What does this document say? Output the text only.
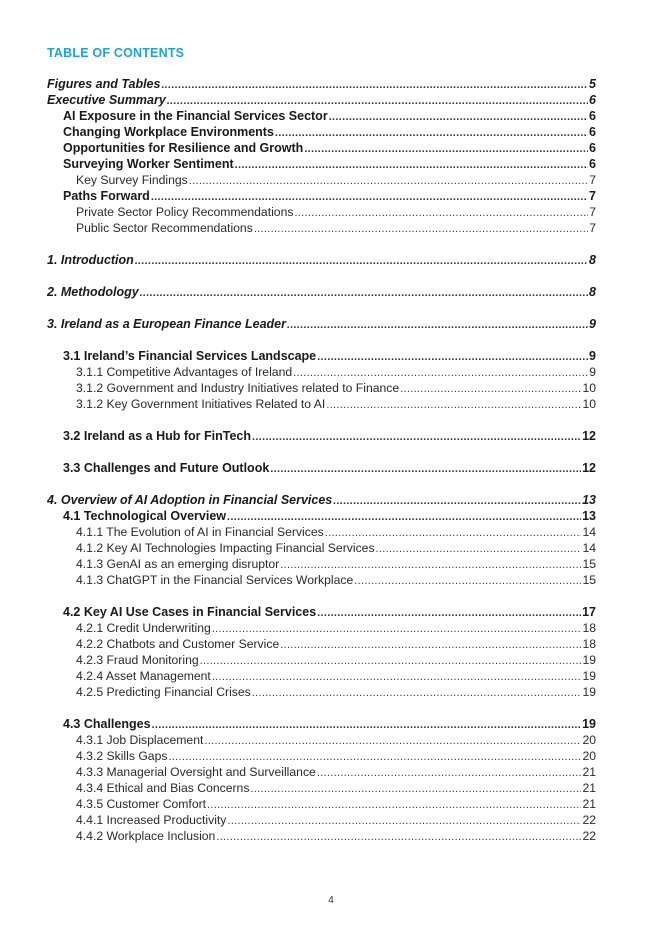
TABLE OF CONTENTS
Figures and Tables .....	5
Executive Summary .....	6
AI Exposure in the Financial Services Sector .....	6
Changing Workplace Environments .....	6
Opportunities for Resilience and Growth .....	6
Surveying Worker Sentiment .....	6
Key Survey Findings .....	7
Paths Forward .....	7
Private Sector Policy Recommendations .....	7
Public Sector Recommendations .....	7
1. Introduction .....	8
2. Methodology .....	8
3. Ireland as a European Finance Leader .....	9
3.1 Ireland’s Financial Services Landscape .....	9
3.1.1 Competitive Advantages of Ireland .....	9
3.1.2 Government and Industry Initiatives related to Finance .....	10
3.1.2 Key Government Initiatives Related to AI .....	10
3.2 Ireland as a Hub for FinTech .....	12
3.3 Challenges and Future Outlook .....	12
4. Overview of AI Adoption in Financial Services .....	13
4.1 Technological Overview .....	13
4.1.1 The Evolution of AI in Financial Services .....	14
4.1.2 Key AI Technologies Impacting Financial Services .....	14
4.1.3 GenAI as an emerging disruptor .....	15
4.1.3 ChatGPT in the Financial Services Workplace .....	15
4.2 Key AI Use Cases in Financial Services .....	17
4.2.1 Credit Underwriting .....	18
4.2.2 Chatbots and Customer Service .....	18
4.2.3 Fraud Monitoring .....	19
4.2.4 Asset Management .....	19
4.2.5 Predicting Financial Crises .....	19
4.3 Challenges .....	19
4.3.1 Job Displacement .....	20
4.3.2 Skills Gaps .....	20
4.3.3 Managerial Oversight and Surveillance .....	21
4.3.4 Ethical and Bias Concerns .....	21
4.3.5 Customer Comfort .....	21
4.4.1 Increased Productivity .....	22
4.4.2 Workplace Inclusion .....	22
4
